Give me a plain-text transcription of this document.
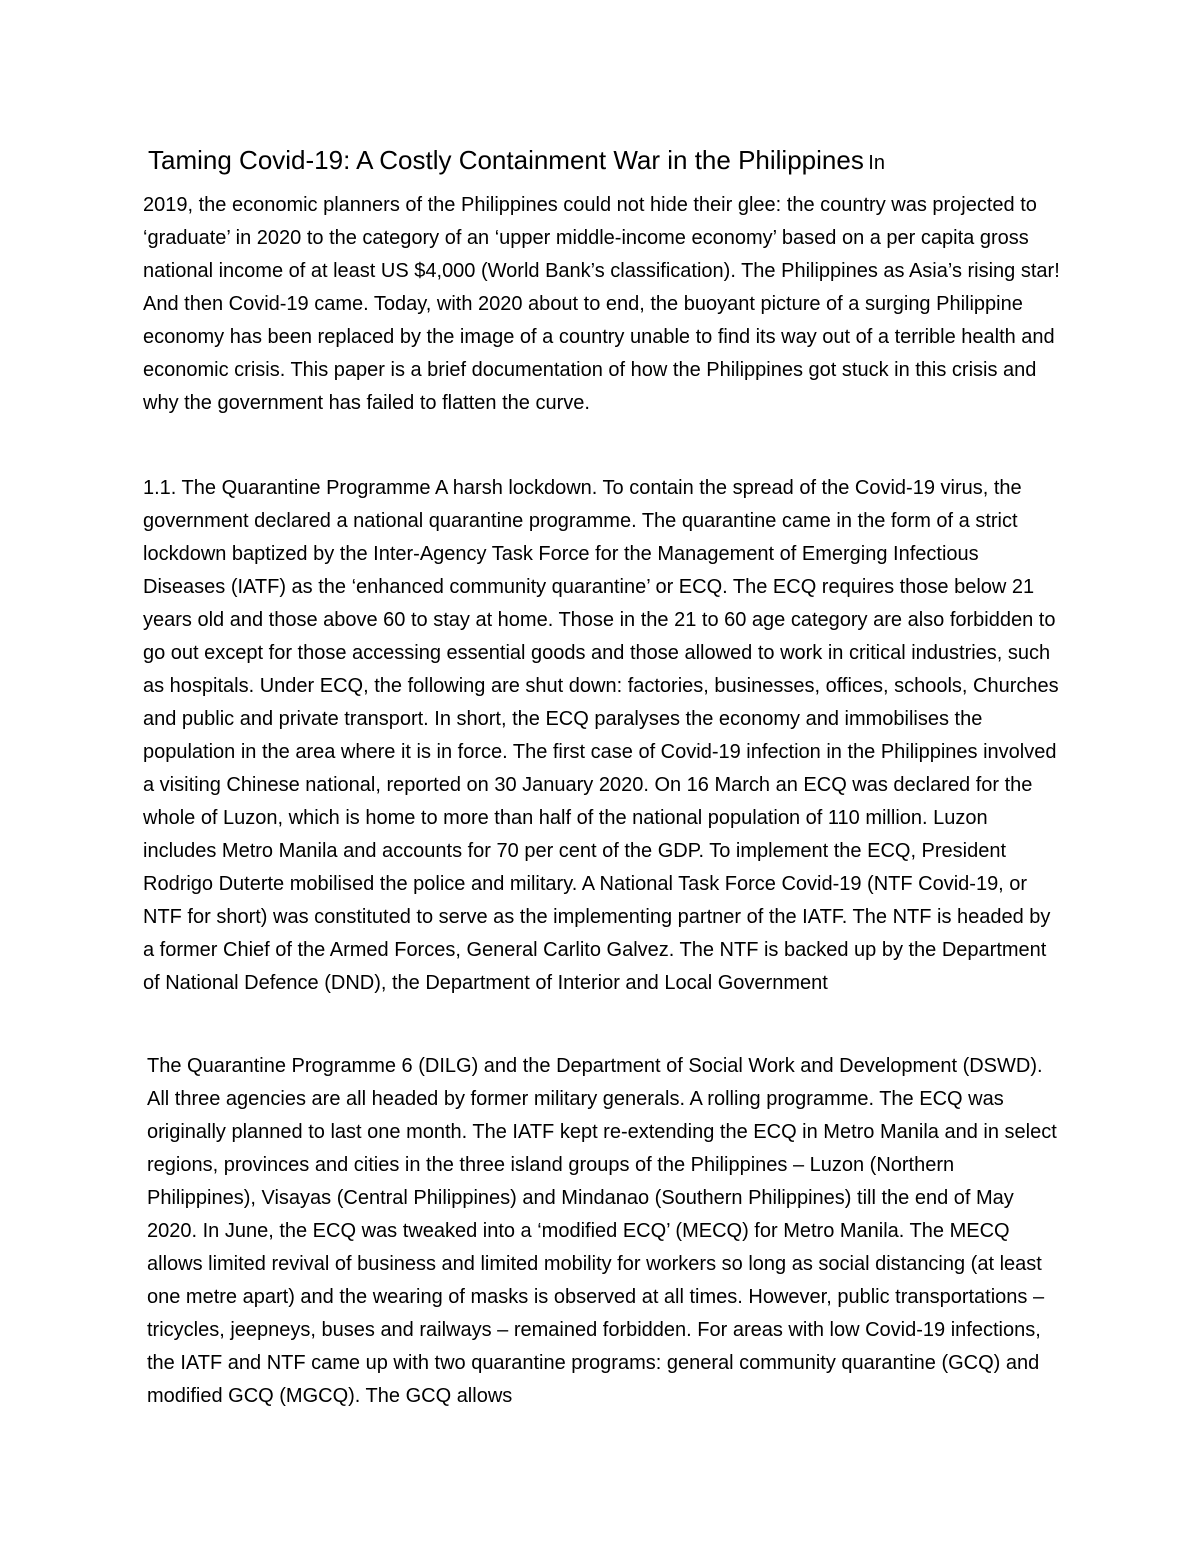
Taming Covid-19: A Costly Containment War in the Philippines In

2019, the economic planners of the Philippines could not hide their glee: the country was projected to ‘graduate’ in 2020 to the category of an ‘upper middle-income economy’ based on a per capita gross national income of at least US $4,000 (World Bank’s classification). The Philippines as Asia’s rising star! And then Covid-19 came. Today, with 2020 about to end, the buoyant picture of a surging Philippine economy has been replaced by the image of a country unable to find its way out of a terrible health and economic crisis. This paper is a brief documentation of how the Philippines got stuck in this crisis and why the government has failed to flatten the curve.

1.1. The Quarantine Programme A harsh lockdown. To contain the spread of the Covid-19 virus, the government declared a national quarantine programme. The quarantine came in the form of a strict lockdown baptized by the Inter-Agency Task Force for the Management of Emerging Infectious Diseases (IATF) as the ‘enhanced community quarantine’ or ECQ. The ECQ requires those below 21 years old and those above 60 to stay at home. Those in the 21 to 60 age category are also forbidden to go out except for those accessing essential goods and those allowed to work in critical industries, such as hospitals. Under ECQ, the following are shut down: factories, businesses, offices, schools, Churches and public and private transport. In short, the ECQ paralyses the economy and immobilises the population in the area where it is in force. The first case of Covid-19 infection in the Philippines involved a visiting Chinese national, reported on 30 January 2020. On 16 March an ECQ was declared for the whole of Luzon, which is home to more than half of the national population of 110 million. Luzon includes Metro Manila and accounts for 70 per cent of the GDP. To implement the ECQ, President Rodrigo Duterte mobilised the police and military. A National Task Force Covid-19 (NTF Covid-19, or NTF for short) was constituted to serve as the implementing partner of the IATF. The NTF is headed by a former Chief of the Armed Forces, General Carlito Galvez. The NTF is backed up by the Department of National Defence (DND), the Department of Interior and Local Government

The Quarantine Programme 6 (DILG) and the Department of Social Work and Development (DSWD). All three agencies are all headed by former military generals. A rolling programme. The ECQ was originally planned to last one month. The IATF kept re-extending the ECQ in Metro Manila and in select regions, provinces and cities in the three island groups of the Philippines – Luzon (Northern Philippines), Visayas (Central Philippines) and Mindanao (Southern Philippines) till the end of May 2020. In June, the ECQ was tweaked into a ‘modified ECQ’ (MECQ) for Metro Manila. The MECQ allows limited revival of business and limited mobility for workers so long as social distancing (at least one metre apart) and the wearing of masks is observed at all times. However, public transportations – tricycles, jeepneys, buses and railways – remained forbidden. For areas with low Covid-19 infections, the IATF and NTF came up with two quarantine programs: general community quarantine (GCQ) and modified GCQ (MGCQ). The GCQ allows
